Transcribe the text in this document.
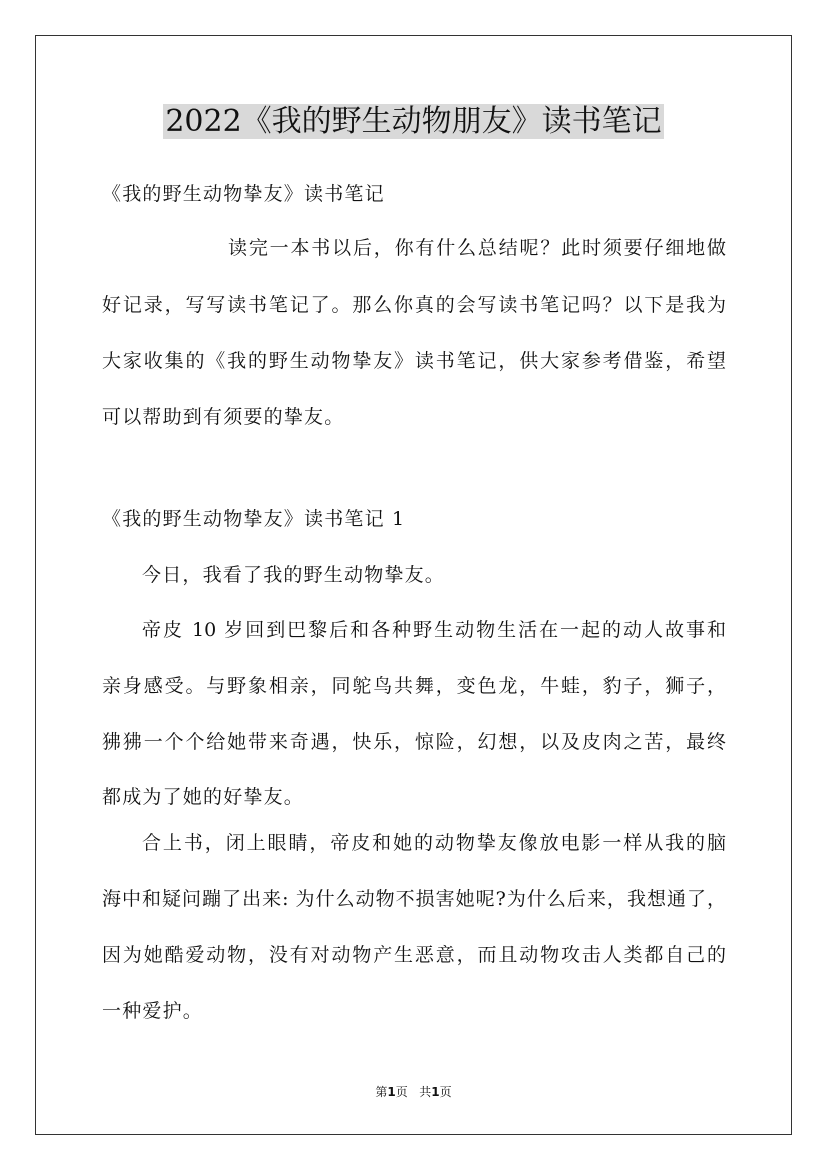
2022《我的野生动物朋友》读书笔记
《我的野生动物挚友》读书笔记
读完一本书以后，你有什么总结呢？此时须要仔细地做
好记录，写写读书笔记了。那么你真的会写读书笔记吗？以下是我为
大家收集的《我的野生动物挚友》读书笔记，供大家参考借鉴，希望
可以帮助到有须要的挚友。
《我的野生动物挚友》读书笔记 1
今日，我看了我的野生动物挚友。
帝皮 10 岁回到巴黎后和各种野生动物生活在一起的动人故事和
亲身感受。与野象相亲，同鸵鸟共舞，变色龙，牛蛙，豹子，狮子，
狒狒一个个给她带来奇遇，快乐，惊险，幻想，以及皮肉之苦，最终
都成为了她的好挚友。
合上书，闭上眼睛，帝皮和她的动物挚友像放电影一样从我的脑
海中和疑问蹦了出来: 为什么动物不损害她呢?为什么后来，我想通了，
因为她酷爱动物，没有对动物产生恶意，而且动物攻击人类都自己的
一种爱护。
第1页 共1页
